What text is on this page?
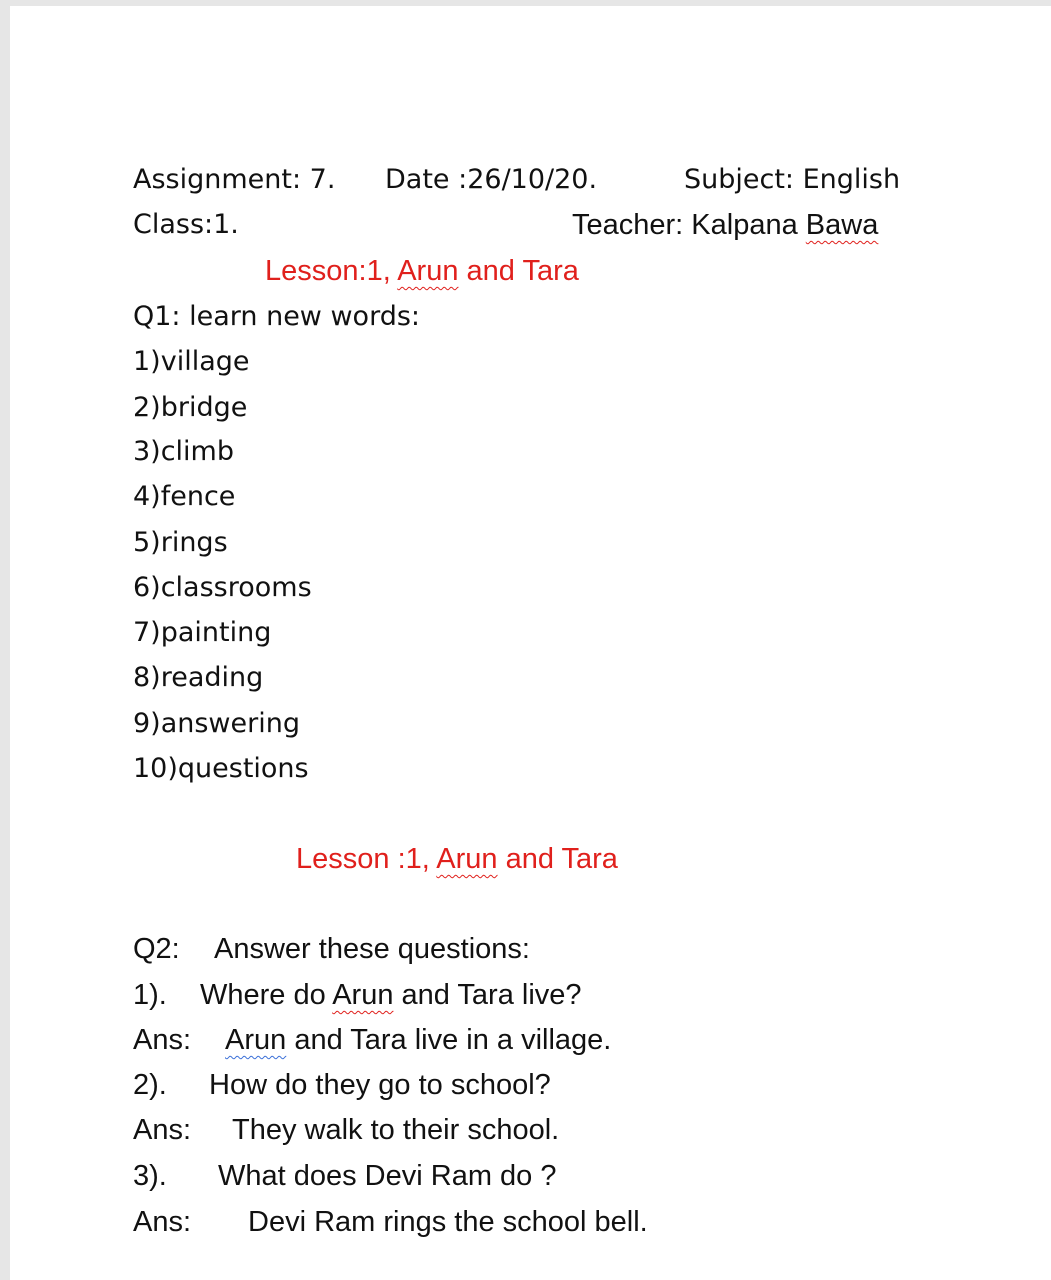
Assignment: 7. Date :26/10/20.	Subject: English
Class:1.	Teacher: Kalpana Bawa
Lesson:1, Arun and Tara
Q1: learn new words:
1)village
2)bridge
3)climb
4)fence
5)rings
6)classrooms
7)painting
8)reading
9)answering
10)questions
Lesson :1, Arun and Tara
Q2: Answer these questions:
1). Where do Arun and Tara live?
Ans: Arun and Tara live in a village.
2). How do they go to school?
Ans: They walk to their school.
3). What does Devi Ram do ?
Ans: Devi Ram rings the school bell.
